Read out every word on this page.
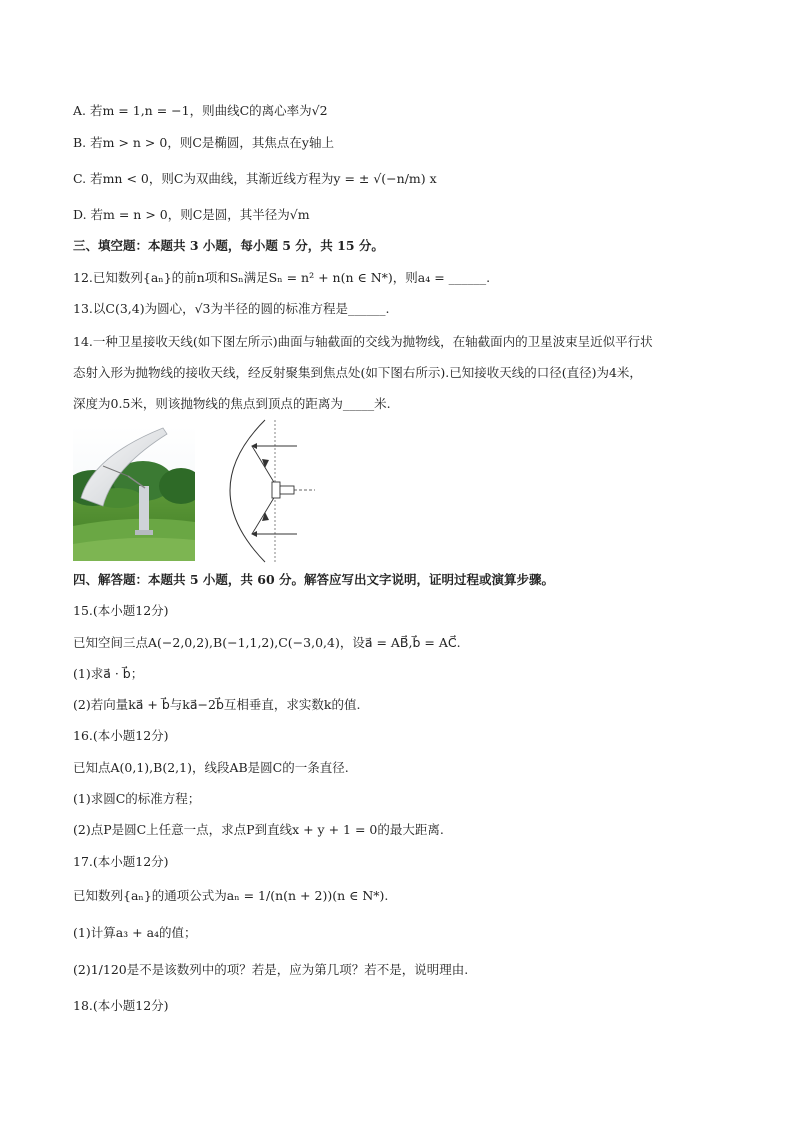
A. 若m = 1,n = −1，则曲线C的离心率为√2
B. 若m > n > 0，则C是椭圆，其焦点在y轴上
C. 若mn < 0，则C为双曲线，其渐近线方程为y = ± √(−n/m) x
D. 若m = n > 0，则C是圆，其半径为√m
三、填空题：本题共 3 小题，每小题 5 分，共 15 分。
12.已知数列{aₙ}的前n项和Sₙ满足Sₙ = n² + n(n ∈ N*)，则a₄ = ______.
13.以C(3,4)为圆心，√3为半径的圆的标准方程是______.
14.一种卫星接收天线(如下图左所示)曲面与轴截面的交线为抛物线，在轴截面内的卫星波束呈近似平行状
态射入形为抛物线的接收天线，经反射聚集到焦点处(如下图右所示).已知接收天线的口径(直径)为4米，
深度为0.5米，则该抛物线的焦点到顶点的距离为_____米.
四、解答题：本题共 5 小题，共 60 分。解答应写出文字说明，证明过程或演算步骤。
15.(本小题12分)
已知空间三点A(−2,0,2),B(−1,1,2),C(−3,0,4)，设a⃗ = AB⃗,b⃗ = AC⃗.
(1)求a⃗ · b⃗；
(2)若向量ka⃗ + b⃗与ka⃗−2b⃗互相垂直，求实数k的值.
16.(本小题12分)
已知点A(0,1),B(2,1)，线段AB是圆C的一条直径.
(1)求圆C的标准方程；
(2)点P是圆C上任意一点，求点P到直线x + y + 1 = 0的最大距离.
17.(本小题12分)
已知数列{aₙ}的通项公式为aₙ = 1/(n(n + 2))(n ∈ N*).
(1)计算a₃ + a₄的值；
(2)1/120是不是该数列中的项？若是，应为第几项？若不是，说明理由.
18.(本小题12分)
